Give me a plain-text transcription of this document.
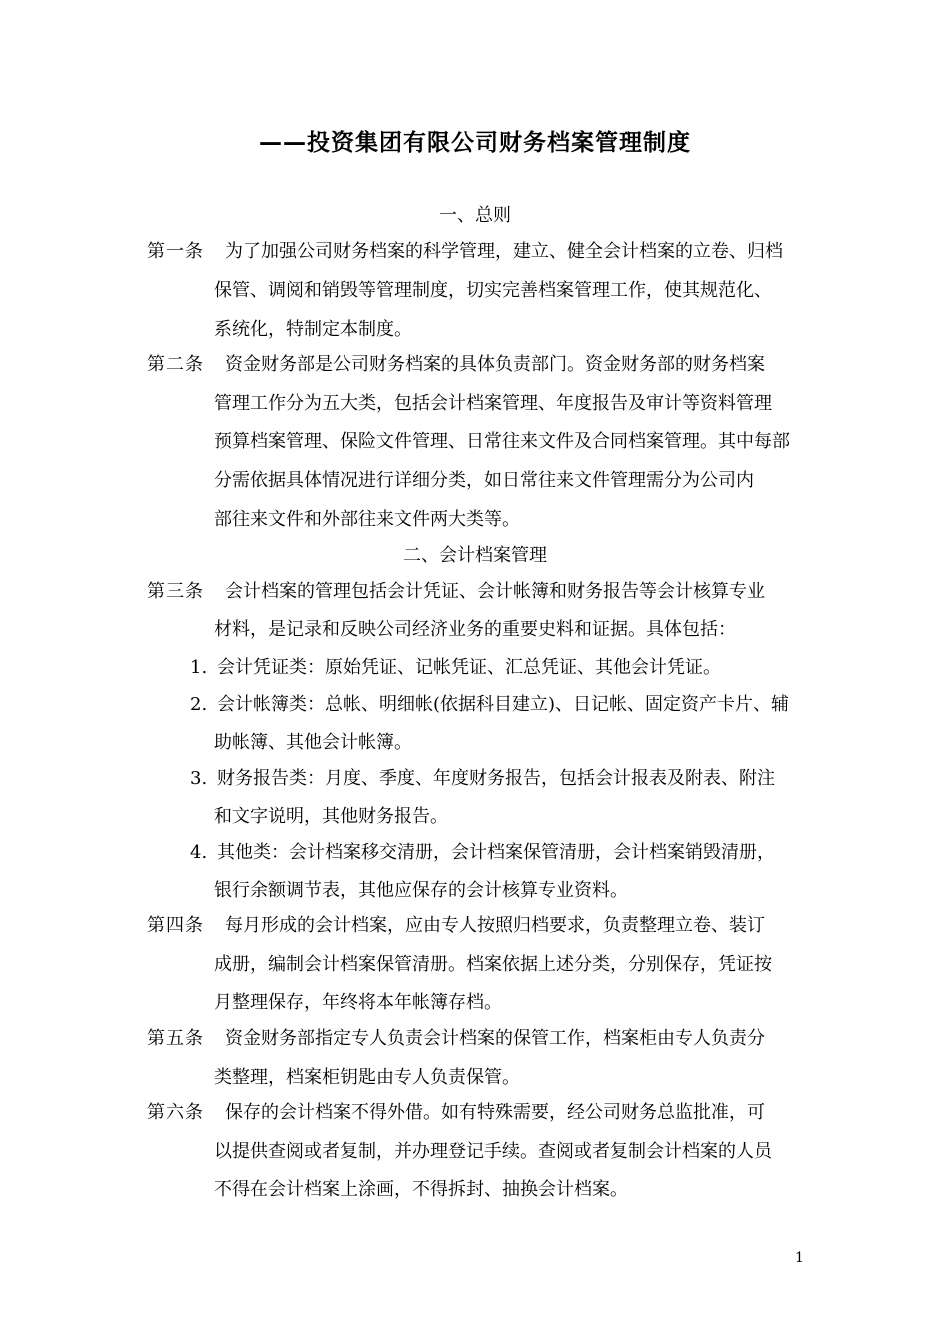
——投资集团有限公司财务档案管理制度
一、总则
第一条 为了加强公司财务档案的科学管理，建立、健全会计档案的立卷、归档
保管、调阅和销毁等管理制度，切实完善档案管理工作，使其规范化、
系统化，特制定本制度。
第二条 资金财务部是公司财务档案的具体负责部门。资金财务部的财务档案
管理工作分为五大类，包括会计档案管理、年度报告及审计等资料管理
预算档案管理、保险文件管理、日常往来文件及合同档案管理。其中每部
分需依据具体情况进行详细分类，如日常往来文件管理需分为公司内
部往来文件和外部往来文件两大类等。
二、会计档案管理
第三条 会计档案的管理包括会计凭证、会计帐簿和财务报告等会计核算专业
材料，是记录和反映公司经济业务的重要史料和证据。具体包括：
1. 会计凭证类：原始凭证、记帐凭证、汇总凭证、其他会计凭证。
2. 会计帐簿类：总帐、明细帐(依据科目建立)、日记帐、固定资产卡片、辅
助帐簿、其他会计帐簿。
3. 财务报告类：月度、季度、年度财务报告，包括会计报表及附表、附注
和文字说明，其他财务报告。
4. 其他类：会计档案移交清册，会计档案保管清册，会计档案销毁清册，
银行余额调节表，其他应保存的会计核算专业资料。
第四条 每月形成的会计档案，应由专人按照归档要求，负责整理立卷、装订
成册，编制会计档案保管清册。档案依据上述分类，分别保存，凭证按
月整理保存，年终将本年帐簿存档。
第五条 资金财务部指定专人负责会计档案的保管工作，档案柜由专人负责分
类整理，档案柜钥匙由专人负责保管。
第六条 保存的会计档案不得外借。如有特殊需要，经公司财务总监批准，可
以提供查阅或者复制，并办理登记手续。查阅或者复制会计档案的人员
不得在会计档案上涂画，不得拆封、抽换会计档案。
1
